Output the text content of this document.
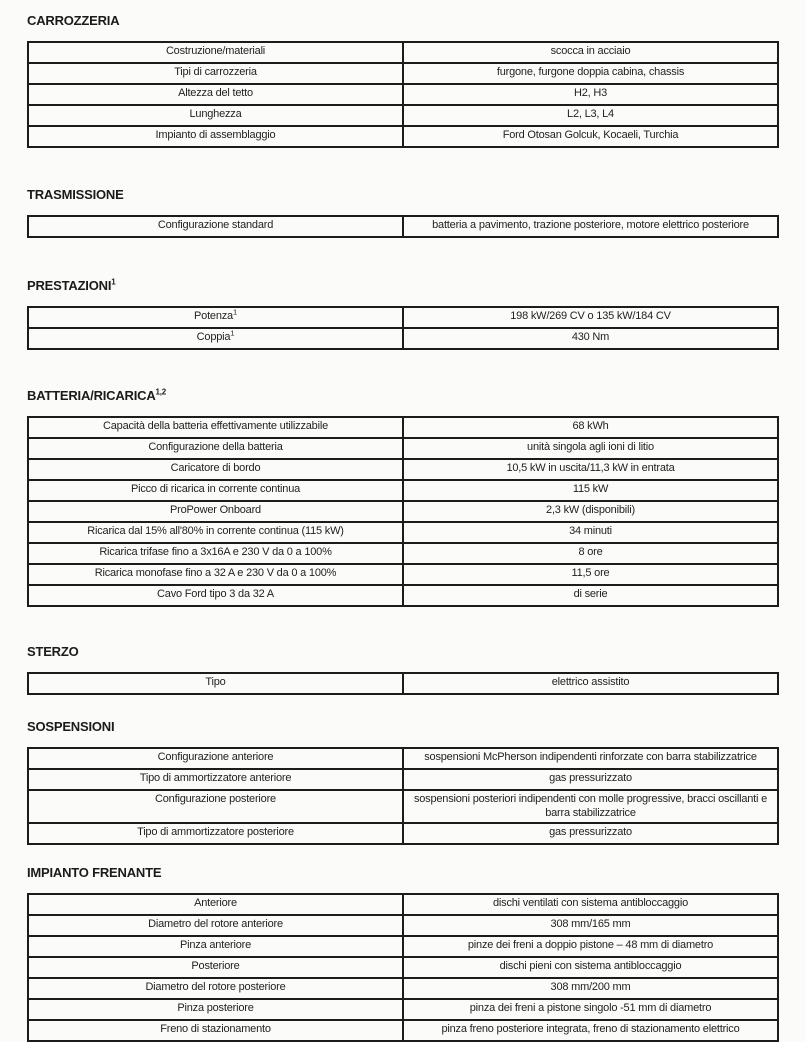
CARROZZERIA
Costruzione/materiali	scocca in acciaio
Tipi di carrozzeria	furgone, furgone doppia cabina, chassis
Altezza del tetto	H2, H3
Lunghezza	L2, L3, L4
Impianto di assemblaggio	Ford Otosan Golcuk, Kocaeli, Turchia
TRASMISSIONE
Configurazione standard	batteria a pavimento, trazione posteriore, motore elettrico posteriore
PRESTAZIONI$^1$
Potenza$^1$	198 kW/269 CV o 135 kW/184 CV
Coppia$^1$	430 Nm
BATTERIA/RICARICA$^{1,2}$
Capacità della batteria effettivamente utilizzabile	68 kWh
Configurazione della batteria	unità singola agli ioni di litio
Caricatore di bordo	10,5 kW in uscita/11,3 kW in entrata
Picco di ricarica in corrente continua	115 kW
ProPower Onboard	2,3 kW (disponibili)
Ricarica dal 15% all'80% in corrente continua (115 kW)	34 minuti
Ricarica trifase fino a 3x16A e 230 V da 0 a 100%	8 ore
Ricarica monofase fino a 32 A e 230 V da 0 a 100%	11,5 ore
Cavo Ford tipo 3 da 32 A	di serie
STERZO
Tipo	elettrico assistito
SOSPENSIONI
Configurazione anteriore	sospensioni McPherson indipendenti rinforzate con barra stabilizzatrice
Tipo di ammortizzatore anteriore	gas pressurizzato
Configurazione posteriore	sospensioni posteriori indipendenti con molle progressive, bracci oscillanti e barra stabilizzatrice
Tipo di ammortizzatore posteriore	gas pressurizzato
IMPIANTO FRENANTE
Anteriore	dischi ventilati con sistema antibloccaggio
Diametro del rotore anteriore	308 mm/165 mm
Pinza anteriore	pinze dei freni a doppio pistone – 48 mm di diametro
Posteriore	dischi pieni con sistema antibloccaggio
Diametro del rotore posteriore	308 mm/200 mm
Pinza posteriore	pinza dei freni a pistone singolo -51 mm di diametro
Freno di stazionamento	pinza freno posteriore integrata, freno di stazionamento elettrico
